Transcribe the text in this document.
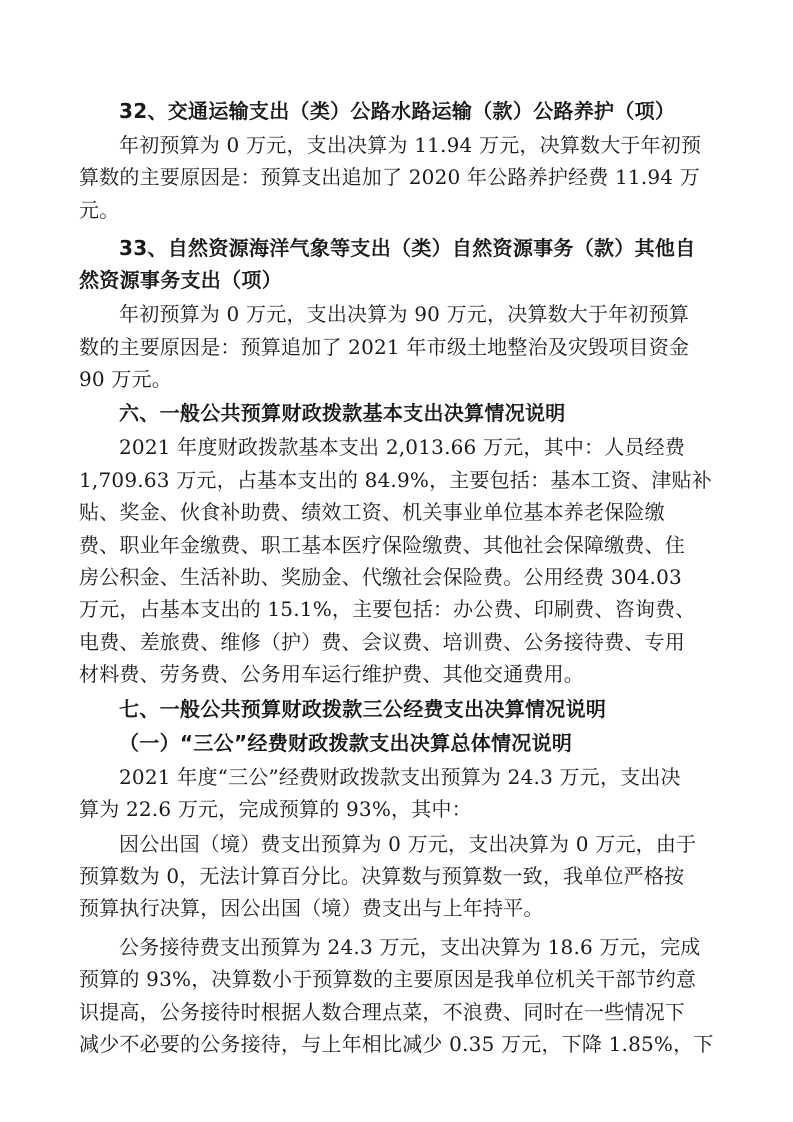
32、交通运输支出（类）公路水路运输（款）公路养护（项）

年初预算为 0 万元，支出决算为 11.94 万元，决算数大于年初预
算数的主要原因是：预算支出追加了 2020 年公路养护经费 11.94 万
元。

33、自然资源海洋气象等支出（类）自然资源事务（款）其他自
然资源事务支出（项）

年初预算为 0 万元，支出决算为 90 万元，决算数大于年初预算
数的主要原因是：预算追加了 2021 年市级土地整治及灾毁项目资金
90 万元。

六、一般公共预算财政拨款基本支出决算情况说明

2021 年度财政拨款基本支出 2,013.66 万元，其中：人员经费
1,709.63 万元，占基本支出的 84.9%，主要包括：基本工资、津贴补
贴、奖金、伙食补助费、绩效工资、机关事业单位基本养老保险缴
费、职业年金缴费、职工基本医疗保险缴费、其他社会保障缴费、住
房公积金、生活补助、奖励金、代缴社会保险费。公用经费 304.03
万元，占基本支出的 15.1%，主要包括：办公费、印刷费、咨询费、
电费、差旅费、维修（护）费、会议费、培训费、公务接待费、专用
材料费、劳务费、公务用车运行维护费、其他交通费用。

七、一般公共预算财政拨款三公经费支出决算情况说明

（一）“三公”经费财政拨款支出决算总体情况说明

2021 年度“三公”经费财政拨款支出预算为 24.3 万元，支出决
算为 22.6 万元，完成预算的 93%，其中：

因公出国（境）费支出预算为 0 万元，支出决算为 0 万元，由于
预算数为 0，无法计算百分比。决算数与预算数一致，我单位严格按
预算执行决算，因公出国（境）费支出与上年持平。

公务接待费支出预算为 24.3 万元，支出决算为 18.6 万元，完成
预算的 93%，决算数小于预算数的主要原因是我单位机关干部节约意
识提高，公务接待时根据人数合理点菜，不浪费、同时在一些情况下
减少不必要的公务接待，与上年相比减少 0.35 万元，下降 1.85%，下
